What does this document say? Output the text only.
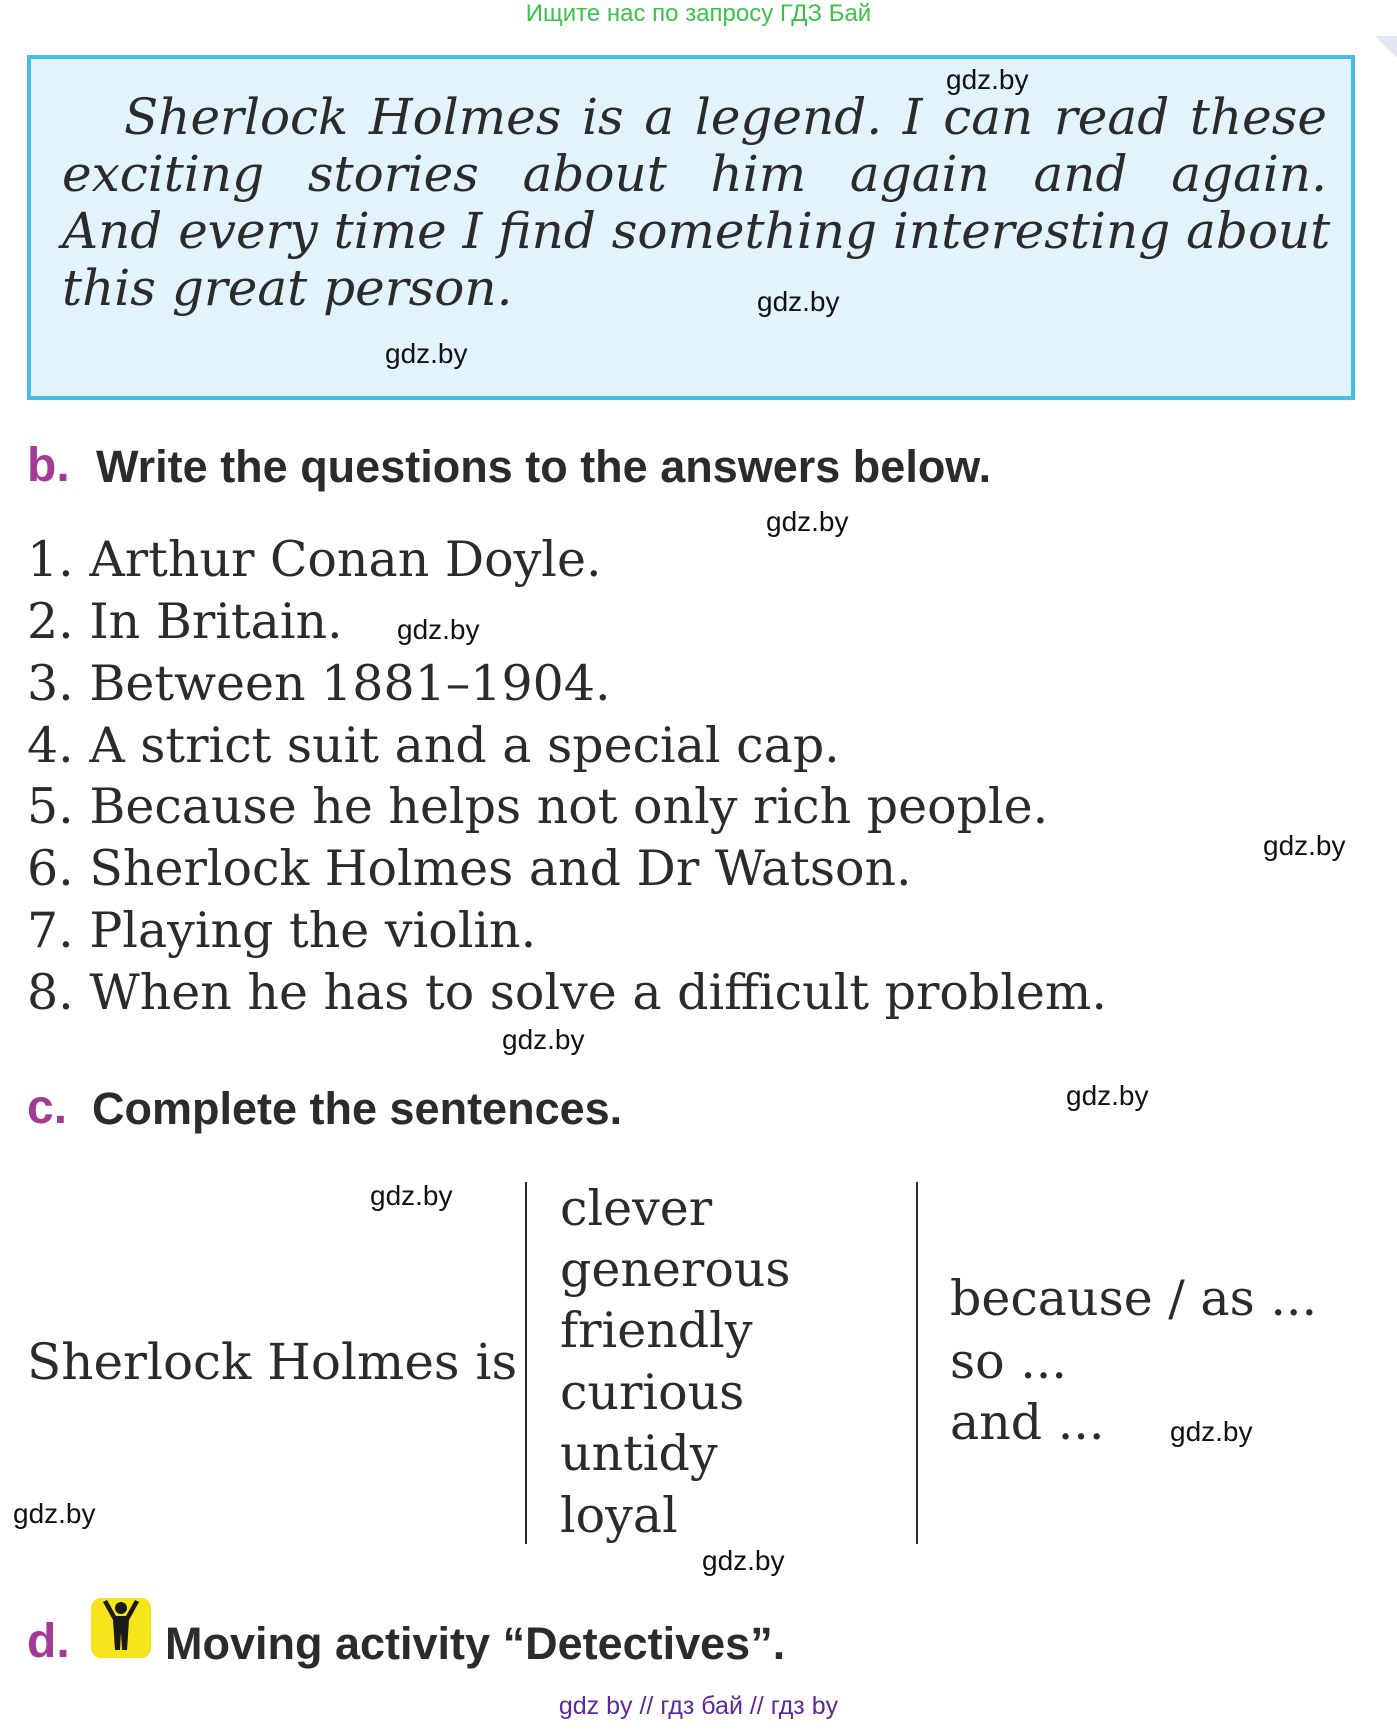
Ищите нас по запросу ГДЗ Бай
Sherlock Holmes is a legend. I can read these
exciting stories about him again and again.
And every time I find something interesting about
this great person.
gdz.by
gdz.by
gdz.by
gdz.by
gdz.by
gdz.by
gdz.by
gdz.by
gdz.by
gdz.by
gdz.by
gdz.by
b. Write the questions to the answers below.
1. Arthur Conan Doyle.
2. In Britain.
3. Between 1881–1904.
4. A strict suit and a special cap.
5. Because he helps not only rich people.
6. Sherlock Holmes and Dr Watson.
7. Playing the violin.
8. When he has to solve a difficult problem.
c. Complete the sentences.
Sherlock Holmes is
clever
generous
friendly
curious
untidy
loyal
because / as ...
so ...
and ...
d. Moving activity “Detectives”.
gdz by // гдз бай // гдз by
